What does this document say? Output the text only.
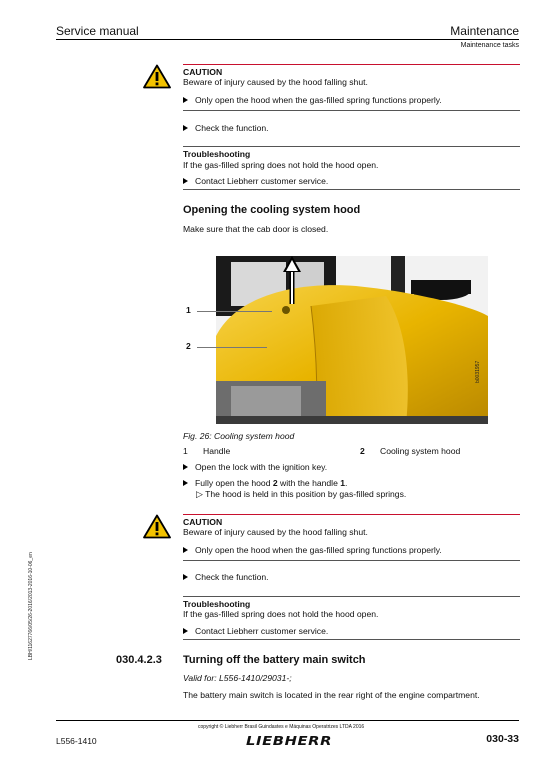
Service manual	Maintenance
Maintenance tasks
CAUTION
Beware of injury caused by the hood falling shut.
Only open the hood when the gas-filled spring functions properly.
Check the function.
Troubleshooting
If the gas-filled spring does not hold the hood open.
Contact Liebherr customer service.
Opening the cooling system hood
Make sure that the cab door is closed.
1
2
b0031957
Fig. 26: Cooling system hood
1 Handle	2 Cooling system hood
Open the lock with the ignition key.
Fully open the hood 2 with the handle 1.
▷ The hood is held in this position by gas-filled springs.
CAUTION
Beware of injury caused by the hood falling shut.
Only open the hood when the gas-filled spring functions properly.
Check the function.
Troubleshooting
If the gas-filled spring does not hold the hood open.
Contact Liebherr customer service.
030.4.2.3 Turning off the battery main switch
Valid for: L556-1410/29031-;
The battery main switch is located in the rear right of the engine compartment.
LBH/11627766/05/26-2016/2013-2016-10-06_en
copyright © Liebherr Brasil Guindastes e Máquinas Operatrizes LTDA 2016
LIEBHERR
L556-1410	030-33
